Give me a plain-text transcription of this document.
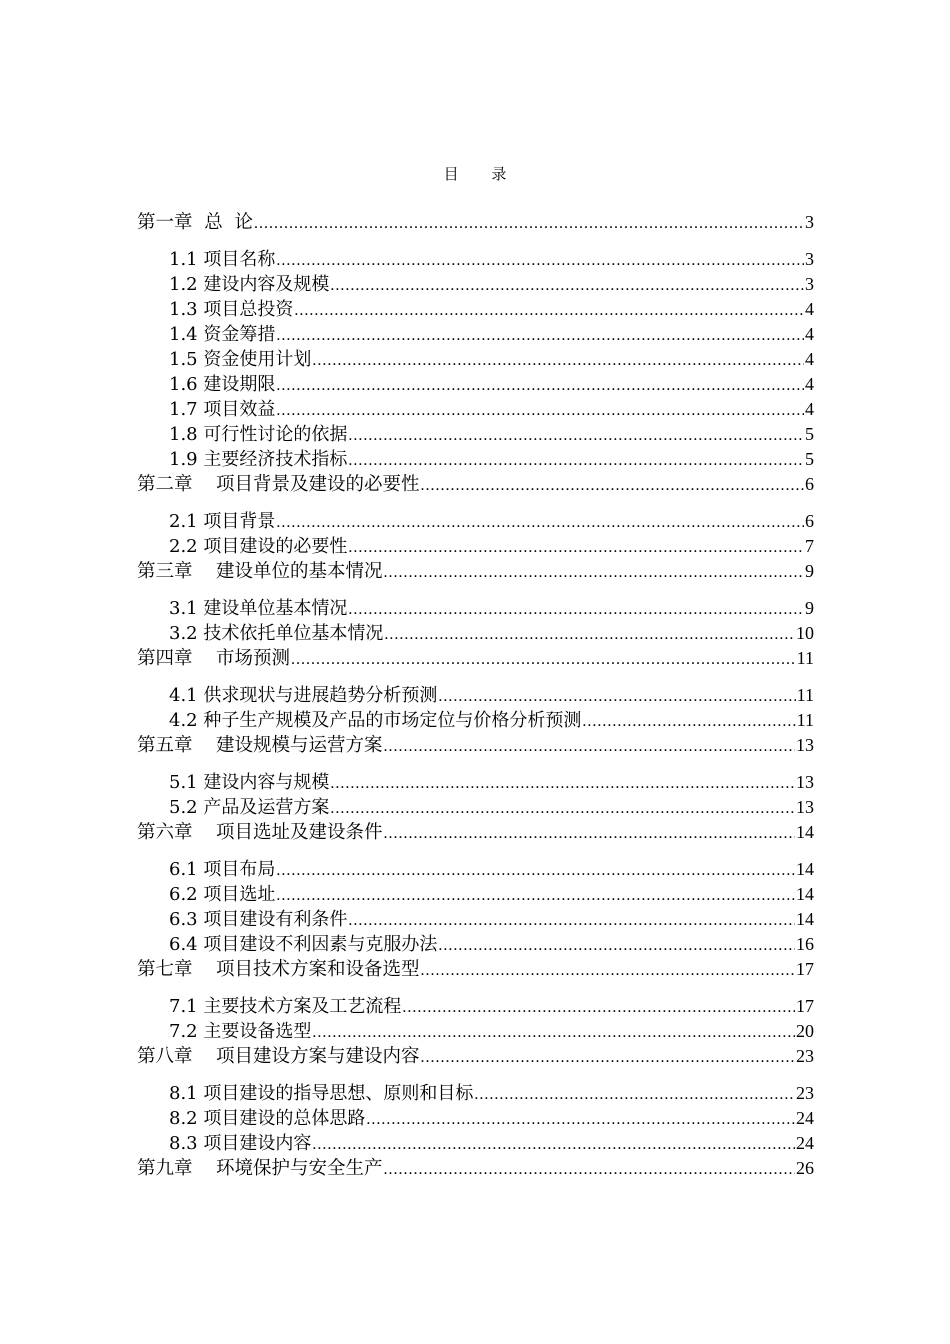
目 录
第一章  总  论 .....	3
1.1 项目名称 .....	3
1.2 建设内容及规模 .....	3
1.3 项目总投资 .....	4
1.4 资金筹措 .....	4
1.5 资金使用计划 .....	4
1.6 建设期限 .....	4
1.7 项目效益 .....	4
1.8 可行性讨论的依据 .....	5
1.9 主要经济技术指标 .....	5
第二章    项目背景及建设的必要性 .....	6
2.1 项目背景 .....	6
2.2 项目建设的必要性 .....	7
第三章    建设单位的基本情况 .....	9
3.1 建设单位基本情况 .....	9
3.2 技术依托单位基本情况 .....	10
第四章    市场预测 .....	11
4.1 供求现状与进展趋势分析预测 .....	11
4.2 种子生产规模及产品的市场定位与价格分析预测 .....	11
第五章    建设规模与运营方案 .....	13
5.1 建设内容与规模 .....	13
5.2 产品及运营方案 .....	13
第六章    项目选址及建设条件 .....	14
6.1 项目布局 .....	14
6.2 项目选址 .....	14
6.3 项目建设有利条件 .....	14
6.4 项目建设不利因素与克服办法 .....	16
第七章    项目技术方案和设备选型 .....	17
7.1 主要技术方案及工艺流程 .....	17
7.2 主要设备选型 .....	20
第八章    项目建设方案与建设内容 .....	23
8.1 项目建设的指导思想、原则和目标 .....	23
8.2 项目建设的总体思路 .....	24
8.3 项目建设内容 .....	24
第九章    环境保护与安全生产 .....	26
